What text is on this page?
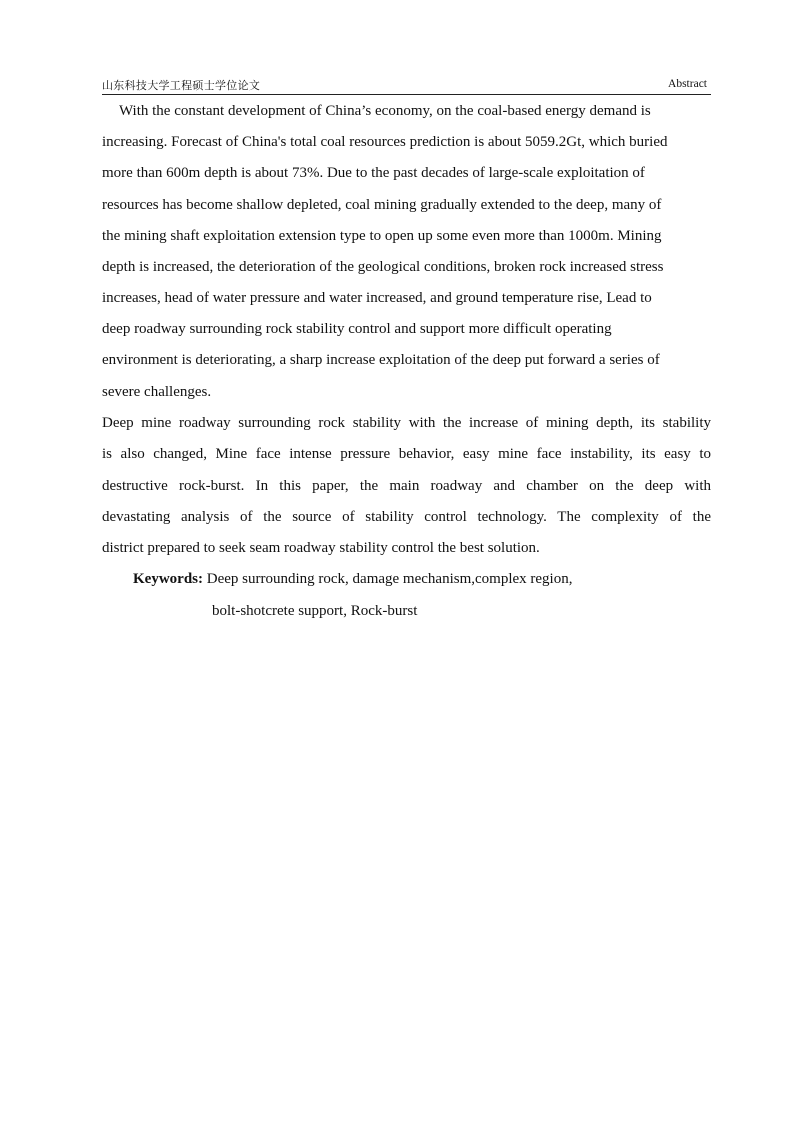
山东科技大学工程硕士学位论文	Abstract
With the constant development of China’s economy, on the coal-based energy demand is
increasing. Forecast of China's total coal resources prediction is about 5059.2Gt, which buried
more than 600m depth is about 73%. Due to the past decades of large-scale exploitation of
resources has become shallow depleted, coal mining gradually extended to the deep, many of
the mining shaft exploitation extension type to open up some even more than 1000m. Mining
depth is increased, the deterioration of the geological conditions, broken rock increased stress
increases, head of water pressure and water increased, and ground temperature rise, Lead to
deep roadway surrounding rock stability control and support more difficult operating
environment is deteriorating, a sharp increase exploitation of the deep put forward a series of
severe challenges.
Deep mine roadway surrounding rock stability with the increase of mining depth, its stability
is also changed, Mine face intense pressure behavior, easy mine face instability, its easy to
destructive rock-burst. In this paper, the main roadway and chamber on the deep with
devastating analysis of the source of stability control technology. The complexity of the
district prepared to seek seam roadway stability control the best solution.
Keywords: Deep surrounding rock, damage mechanism,complex region,
bolt-shotcrete support, Rock-burst
